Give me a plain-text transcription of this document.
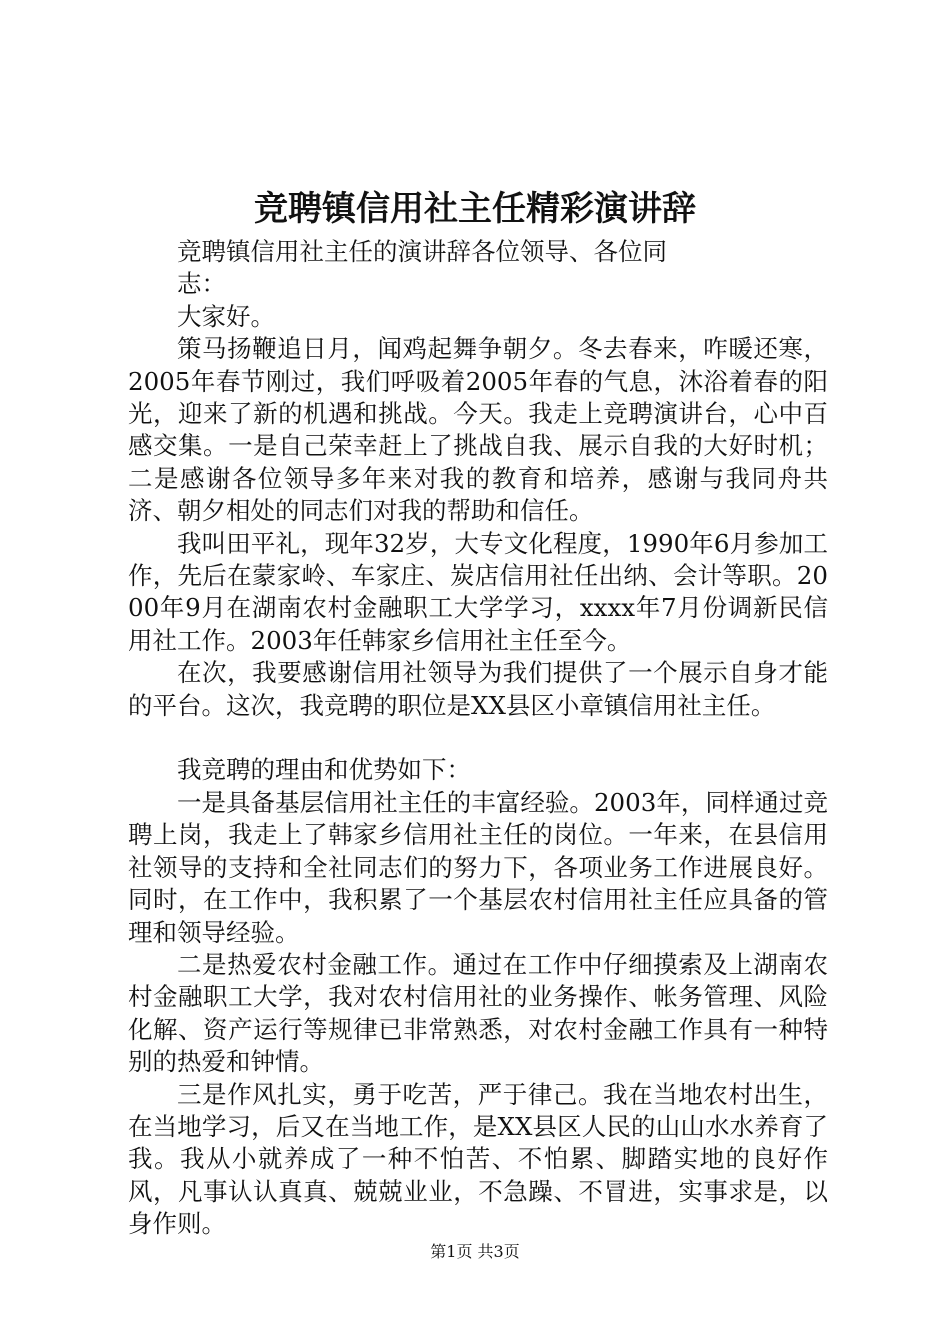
竞聘镇信用社主任精彩演讲辞

竞聘镇信用社主任的演讲辞各位领导、各位同志：

大家好。

策马扬鞭追日月，闻鸡起舞争朝夕。冬去春来，咋暖还寒，2005年春节刚过，我们呼吸着2005年春的气息，沐浴着春的阳光，迎来了新的机遇和挑战。今天。我走上竞聘演讲台，心中百感交集。一是自己荣幸赶上了挑战自我、展示自我的大好时机；二是感谢各位领导多年来对我的教育和培养，感谢与我同舟共济、朝夕相处的同志们对我的帮助和信任。

我叫田平礼，现年32岁，大专文化程度，1990年6月参加工作，先后在蒙家岭、车家庄、炭店信用社任出纳、会计等职。2000年9月在湖南农村金融职工大学学习，xxxx年7月份调新民信用社工作。2003年任韩家乡信用社主任至今。

在次，我要感谢信用社领导为我们提供了一个展示自身才能的平台。这次，我竞聘的职位是XX县区小章镇信用社主任。

我竞聘的理由和优势如下：

一是具备基层信用社主任的丰富经验。2003年，同样通过竞聘上岗，我走上了韩家乡信用社主任的岗位。一年来，在县信用社领导的支持和全社同志们的努力下，各项业务工作进展良好。同时，在工作中，我积累了一个基层农村信用社主任应具备的管理和领导经验。

二是热爱农村金融工作。通过在工作中仔细摸索及上湖南农村金融职工大学，我对农村信用社的业务操作、帐务管理、风险化解、资产运行等规律已非常熟悉，对农村金融工作具有一种特别的热爱和钟情。

三是作风扎实，勇于吃苦，严于律己。我在当地农村出生，在当地学习，后又在当地工作，是XX县区人民的山山水水养育了我。我从小就养成了一种不怕苦、不怕累、脚踏实地的良好作风，凡事认认真真、兢兢业业，不急躁、不冒进，实事求是，以身作则。

第1页 共3页
